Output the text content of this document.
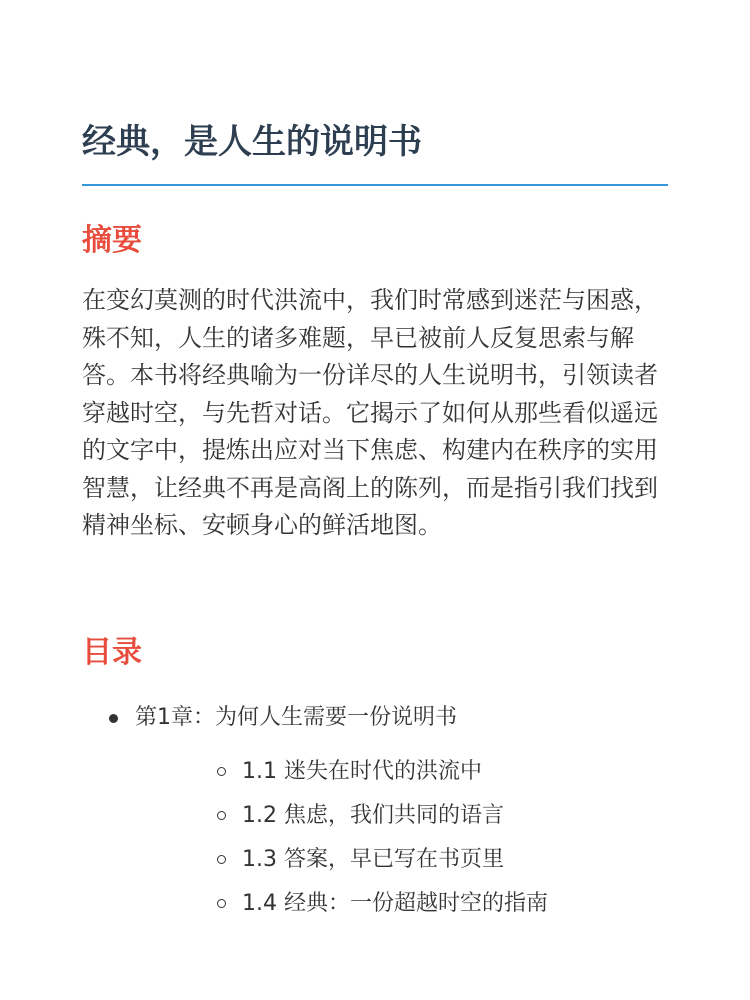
经典，是人生的说明书
摘要

在变幻莫测的时代洪流中，我们时常感到迷茫与困惑，殊不知，人生的诸多难题，早已被前人反复思索与解答。本书将经典喻为一份详尽的人生说明书，引领读者穿越时空，与先哲对话。它揭示了如何从那些看似遥远的文字中，提炼出应对当下焦虑、构建内在秩序的实用智慧，让经典不再是高阁上的陈列，而是指引我们找到精神坐标、安顿身心的鲜活地图。

目录
第1章：为何人生需要一份说明书
1.1 迷失在时代的洪流中
1.2 焦虑，我们共同的语言
1.3 答案，早已写在书页里
1.4 经典：一份超越时空的指南
